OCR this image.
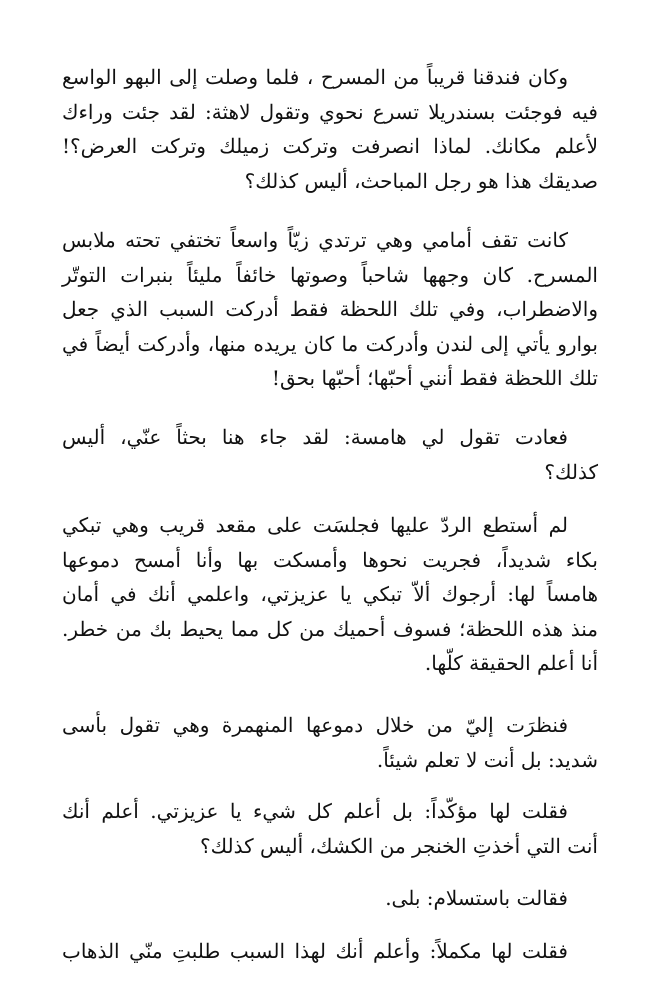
وكان فندقنا قريباً من المسرح ، فلما وصلت إلى البهو الواسع
فيه فوجئت بسندريلا تسرع نحوي وتقول لاهثة: لقد جئت وراءك
لأعلم مكانك. لماذا انصرفت وتركت زميلك وتركت العرض؟!
صديقك هذا هو رجل المباحث، أليس كذلك؟
كانت تقف أمامي وهي ترتدي زيّاً واسعاً تختفي تحته ملابس
المسرح. كان وجهها شاحباً وصوتها خائفاً مليئاً بنبرات التوتّر
والاضطراب، وفي تلك اللحظة فقط أدركت السبب الذي جعل
بوارو يأتي إلى لندن وأدركت ما كان يريده منها، وأدركت أيضاً في
تلك اللحظة فقط أنني أحبّها؛ أحبّها بحق!
فعادت تقول لي هامسة: لقد جاء هنا بحثاً عنّي، أليس
كذلك؟
لم أستطع الردّ عليها فجلسَت على مقعد قريب وهي تبكي
بكاء شديداً، فجريت نحوها وأمسكت بها وأنا أمسح دموعها
هامساً لها: أرجوك ألاّ تبكي يا عزيزتي، واعلمي أنك في أمان
منذ هذه اللحظة؛ فسوف أحميك من كل مما يحيط بك من خطر.
أنا أعلم الحقيقة كلّها.
فنظرَت إليّ من خلال دموعها المنهمرة وهي تقول بأسى
شديد: بل أنت لا تعلم شيئاً.
فقلت لها مؤكّداً: بل أعلم كل شيء يا عزيزتي. أعلم أنك
أنت التي أخذتِ الخنجر من الكشك، أليس كذلك؟
فقالت باستسلام: بلى.
فقلت لها مكملاً: وأعلم أنك لهذا السبب طلبتِ منّي الذهاب
